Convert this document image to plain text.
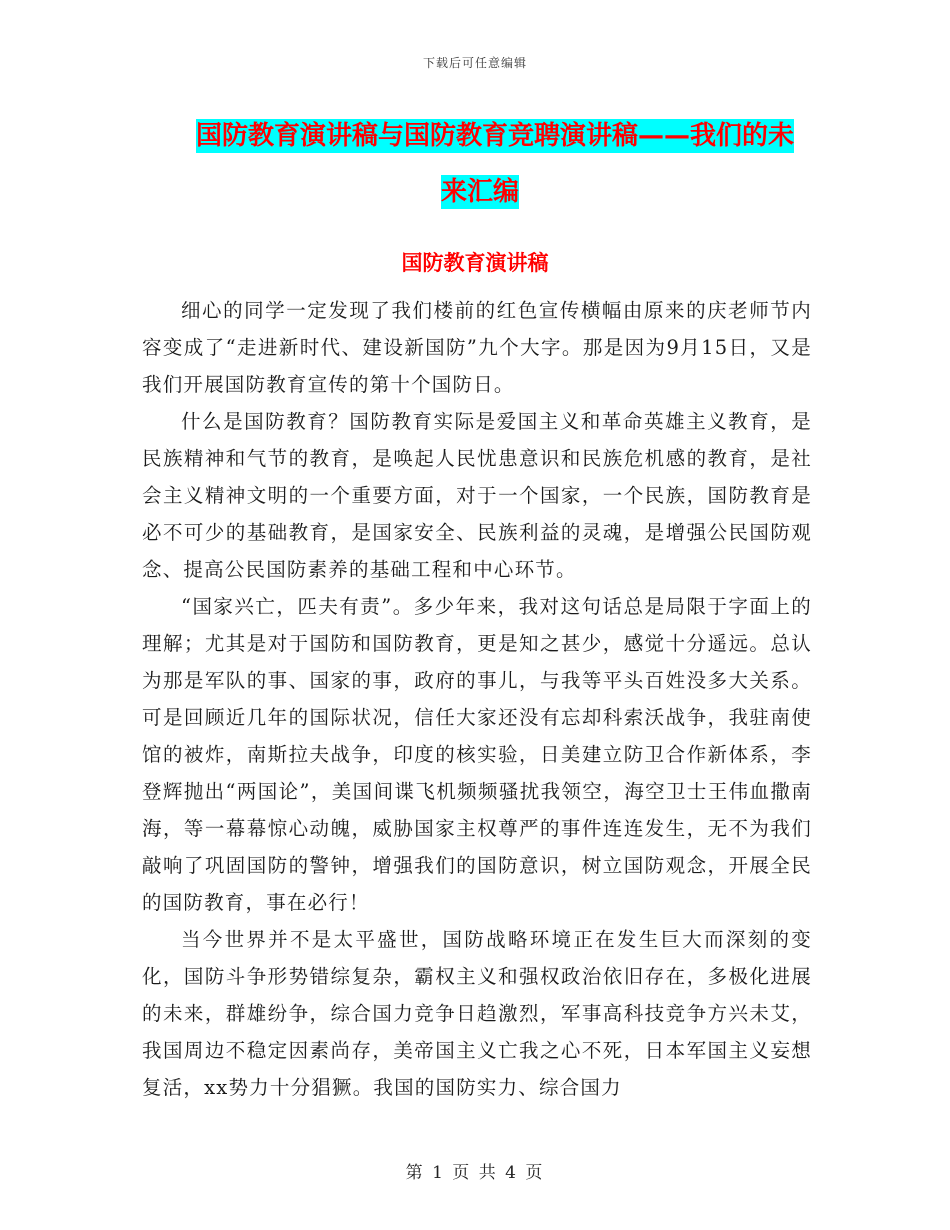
下载后可任意编辑
国防教育演讲稿与国防教育竞聘演讲稿——我们的未
来汇编
国防教育演讲稿

细心的同学一定发现了我们楼前的红色宣传横幅由原来的庆老师节内容变成了“走进新时代、建设新国防”九个大字。那是因为9月15日，又是我们开展国防教育宣传的第十个国防日。

什么是国防教育？国防教育实际是爱国主义和革命英雄主义教育，是民族精神和气节的教育，是唤起人民忧患意识和民族危机感的教育，是社会主义精神文明的一个重要方面，对于一个国家，一个民族，国防教育是必不可少的基础教育，是国家安全、民族利益的灵魂，是增强公民国防观念、提高公民国防素养的基础工程和中心环节。

“国家兴亡，匹夫有责”。多少年来，我对这句话总是局限于字面上的理解；尤其是对于国防和国防教育，更是知之甚少，感觉十分遥远。总认为那是军队的事、国家的事，政府的事儿，与我等平头百姓没多大关系。可是回顾近几年的国际状况，信任大家还没有忘却科索沃战争，我驻南使馆的被炸，南斯拉夫战争，印度的核实验，日美建立防卫合作新体系，李登辉抛出“两国论”，美国间谍飞机频频骚扰我领空，海空卫士王伟血撒南海，等一幕幕惊心动魄，威胁国家主权尊严的事件连连发生，无不为我们敲响了巩固国防的警钟，增强我们的国防意识，树立国防观念，开展全民的国防教育，事在必行！

当今世界并不是太平盛世，国防战略环境正在发生巨大而深刻的变化，国防斗争形势错综复杂，霸权主义和强权政治依旧存在，多极化进展的未来，群雄纷争，综合国力竞争日趋激烈，军事高科技竞争方兴未艾，我国周边不稳定因素尚存，美帝国主义亡我之心不死，日本军国主义妄想复活，xx势力十分猖獗。我国的国防实力、综合国力

第 1 页 共 4 页
